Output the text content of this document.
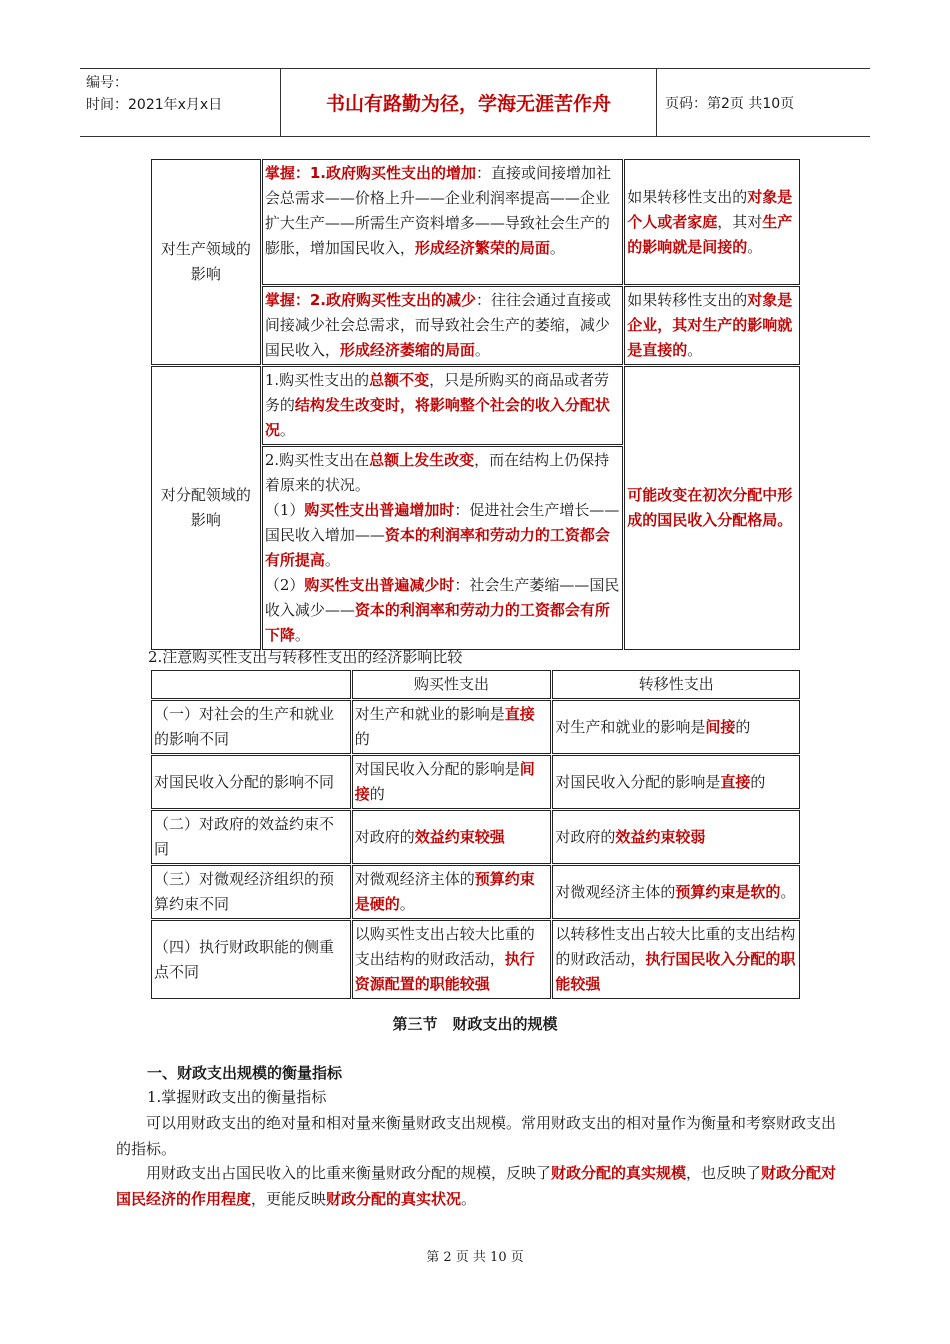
编号：
时间：2021年x月x日	书山有路勤为径，学海无涯苦作舟	页码：第2页 共10页
对生产领域的影响	掌握：1.政府购买性支出的增加：直接或间接增加社会总需求——价格上升——企业利润率提高——企业扩大生产——所需生产资料增多——导致社会生产的膨胀，增加国民收入，形成经济繁荣的局面。	如果转移性支出的对象是个人或者家庭，其对生产的影响就是间接的。
	掌握：2.政府购买性支出的减少：往往会通过直接或间接减少社会总需求，而导致社会生产的萎缩，减少国民收入，形成经济萎缩的局面。	如果转移性支出的对象是企业，其对生产的影响就是直接的。
对分配领域的影响	1.购买性支出的总额不变，只是所购买的商品或者劳务的结构发生改变时，将影响整个社会的收入分配状况。	可能改变在初次分配中形成的国民收入分配格局。

	2.购买性支出在总额上发生改变，而在结构上仍保持着原来的状况。
（1）购买性支出普遍增加时：促进社会生产增长——国民收入增加——资本的利润率和劳动力的工资都会有所提高。
（2）购买性支出普遍减少时：社会生产萎缩——国民收入减少——资本的利润率和劳动力的工资都会有所下降。	
2.注意购买性支出与转移性支出的经济影响比较
	购买性支出	转移性支出
（一）对社会的生产和就业的影响不同	对生产和就业的影响是直接的	对生产和就业的影响是间接的
对国民收入分配的影响不同	对国民收入分配的影响是间接的	对国民收入分配的影响是直接的
（二）对政府的效益约束不同	对政府的效益约束较强	对政府的效益约束较弱
（三）对微观经济组织的预算约束不同	对微观经济主体的预算约束是硬的。	对微观经济主体的预算约束是软的。
（四）执行财政职能的侧重点不同	以购买性支出占较大比重的支出结构的财政活动，执行资源配置的职能较强	以转移性支出占较大比重的支出结构的财政活动，执行国民收入分配的职能较强
第三节　财政支出的规模
一、财政支出规模的衡量指标
1.掌握财政支出的衡量指标
可以用财政支出的绝对量和相对量来衡量财政支出规模。常用财政支出的相对量作为衡量和考察财政支出的指标。
用财政支出占国民收入的比重来衡量财政分配的规模，反映了财政分配的真实规模，也反映了财政分配对国民经济的作用程度，更能反映财政分配的真实状况。
第 2 页 共 10 页
